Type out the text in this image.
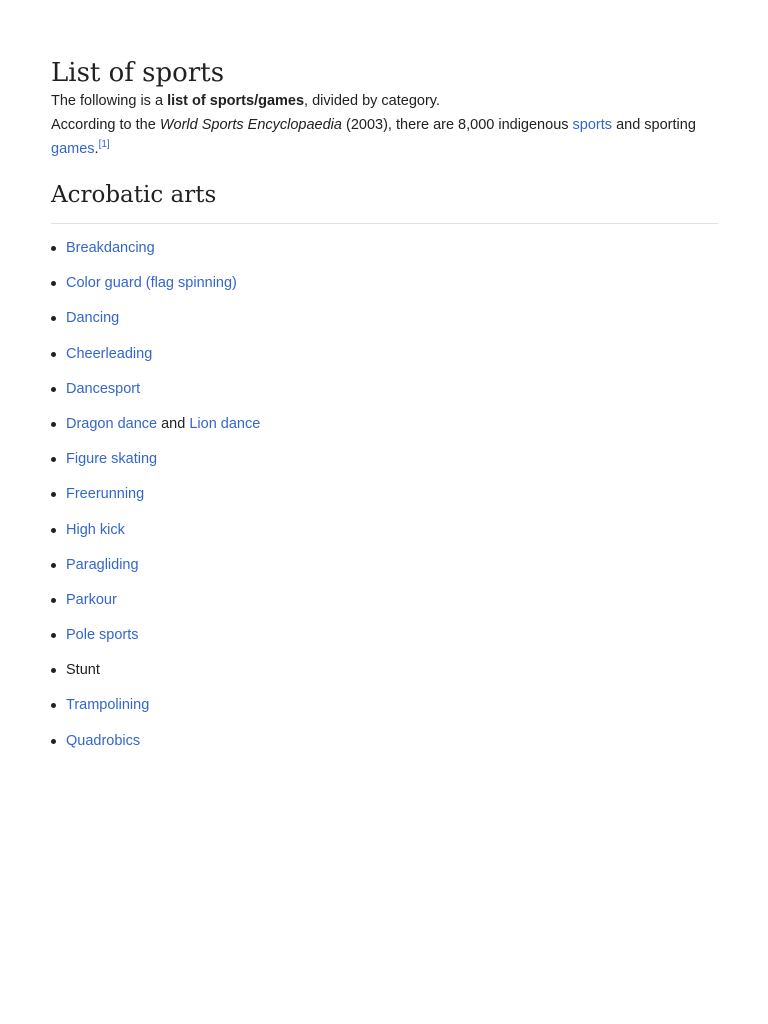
List of sports

The following is a list of sports/games, divided by category.

According to the World Sports Encyclopaedia (2003), there are 8,000 indigenous sports and sporting games.[1]

Acrobatic arts
Breakdancing
Color guard (flag spinning)
Dancing
Cheerleading
Dancesport
Dragon dance and Lion dance
Figure skating
Freerunning
High kick
Paragliding
Parkour
Pole sports
Stunt
Trampolining
Quadrobics
